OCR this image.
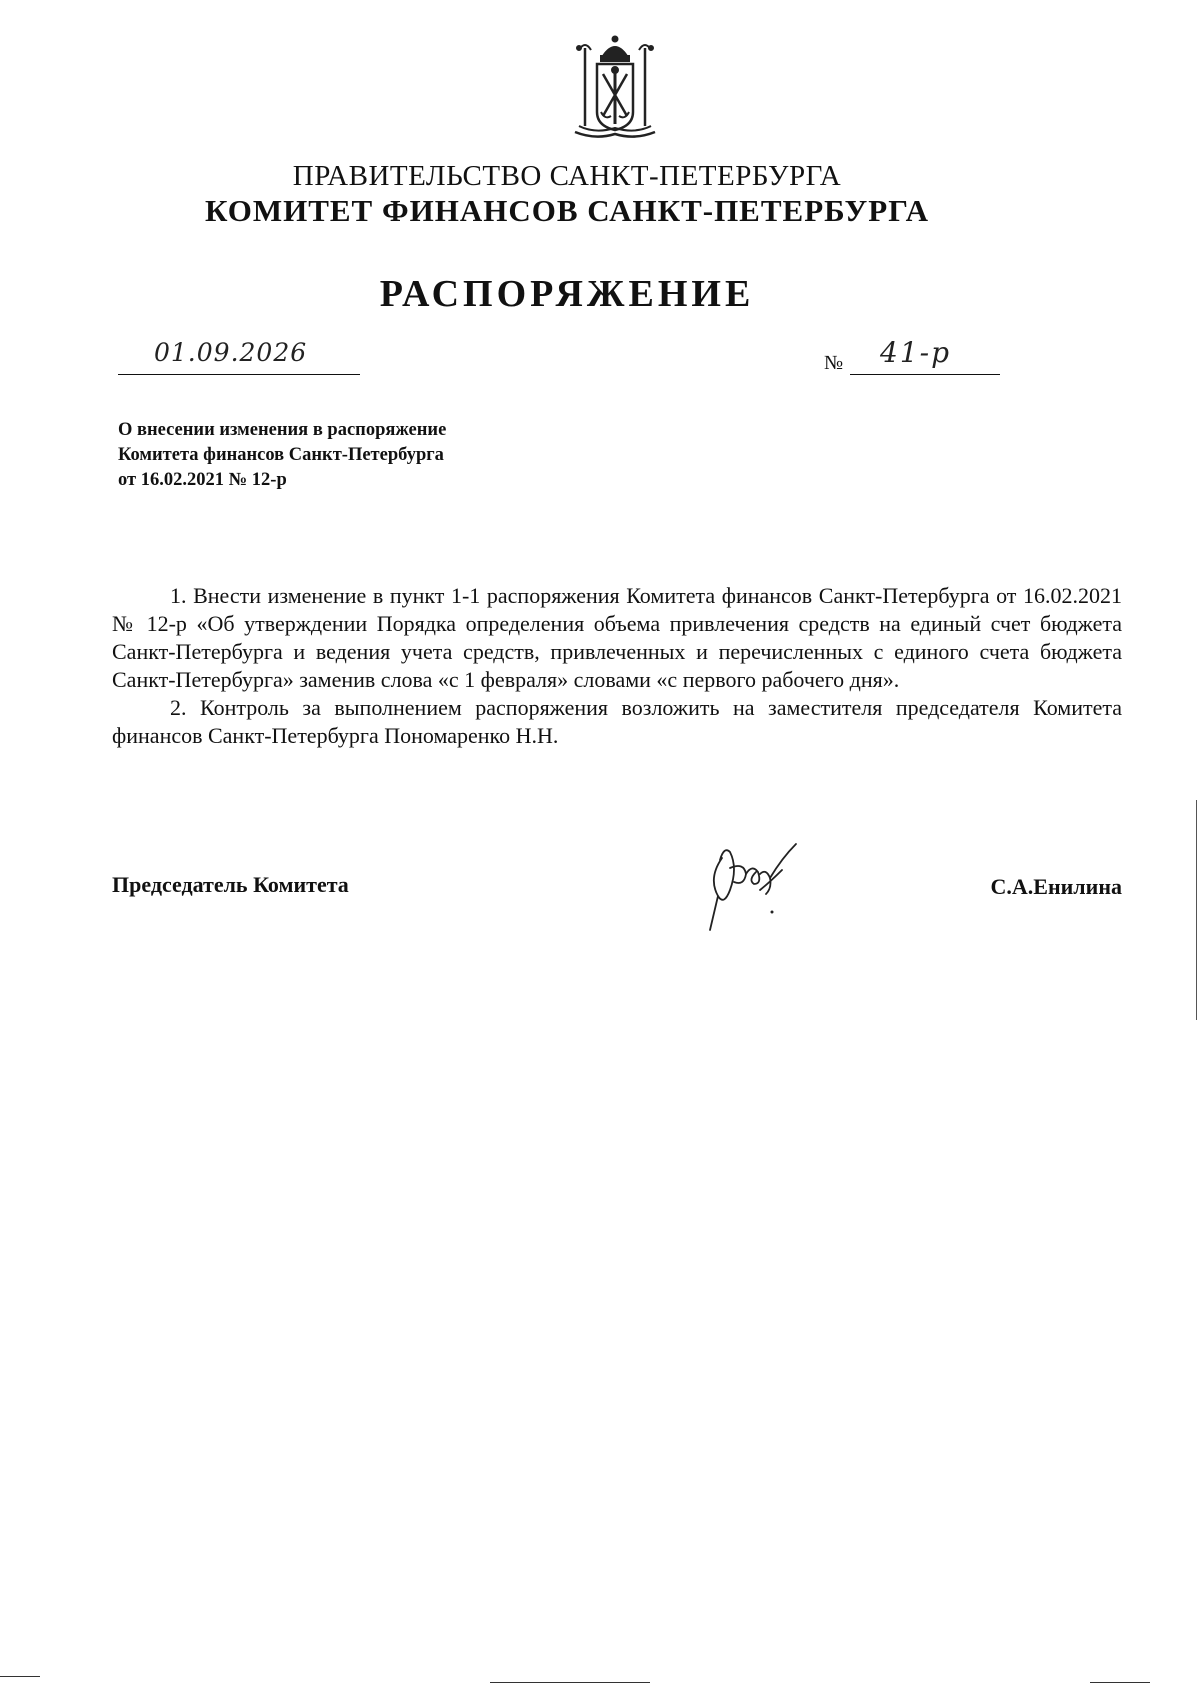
ПРАВИТЕЛЬСТВО САНКТ-ПЕТЕРБУРГА
КОМИТЕТ ФИНАНСОВ САНКТ-ПЕТЕРБУРГА
РАСПОРЯЖЕНИЕ
01.09.2026	№ 41-р
О внесении изменения в распоряжение
Комитета финансов Санкт-Петербурга
от 16.02.2021 № 12-р

1. Внести изменение в пункт 1-1 распоряжения Комитета финансов Санкт-Петербурга от 16.02.2021 № 12-р «Об утверждении Порядка определения объема привлечения средств на единый счет бюджета Санкт-Петербурга и ведения учета средств, привлеченных и перечисленных с единого счета бюджета Санкт-Петербурга» заменив слова «с 1 февраля» словами «с первого рабочего дня».

2. Контроль за выполнением распоряжения возложить на заместителя председателя Комитета финансов Санкт-Петербурга Пономаренко Н.Н.

Председатель Комитета	С.А.Енилина
